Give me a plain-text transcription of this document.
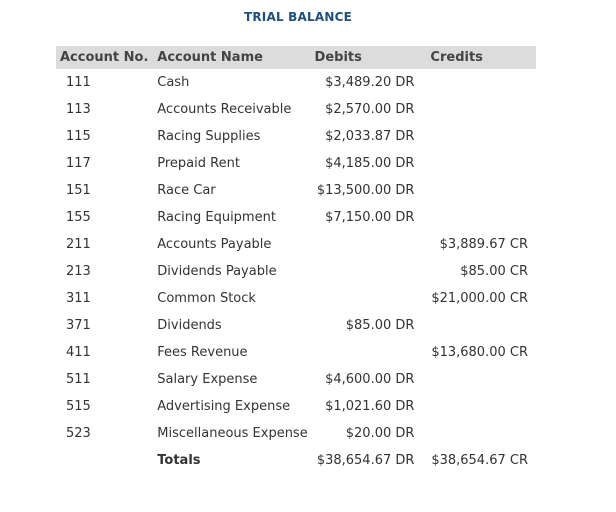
TRIAL BALANCE
Account No.	Account Name	Debits	Credits
111	Cash	$3,489.20 DR	
113	Accounts Receivable	$2,570.00 DR	
115	Racing Supplies	$2,033.87 DR	
117	Prepaid Rent	$4,185.00 DR	
151	Race Car	$13,500.00 DR	
155	Racing Equipment	$7,150.00 DR	
211	Accounts Payable		$3,889.67 CR
213	Dividends Payable		$85.00 CR
311	Common Stock		$21,000.00 CR
371	Dividends	$85.00 DR	
411	Fees Revenue		$13,680.00 CR
511	Salary Expense	$4,600.00 DR	
515	Advertising Expense	$1,021.60 DR	
523	Miscellaneous Expense	$20.00 DR	
	Totals	$38,654.67 DR	$38,654.67 CR
